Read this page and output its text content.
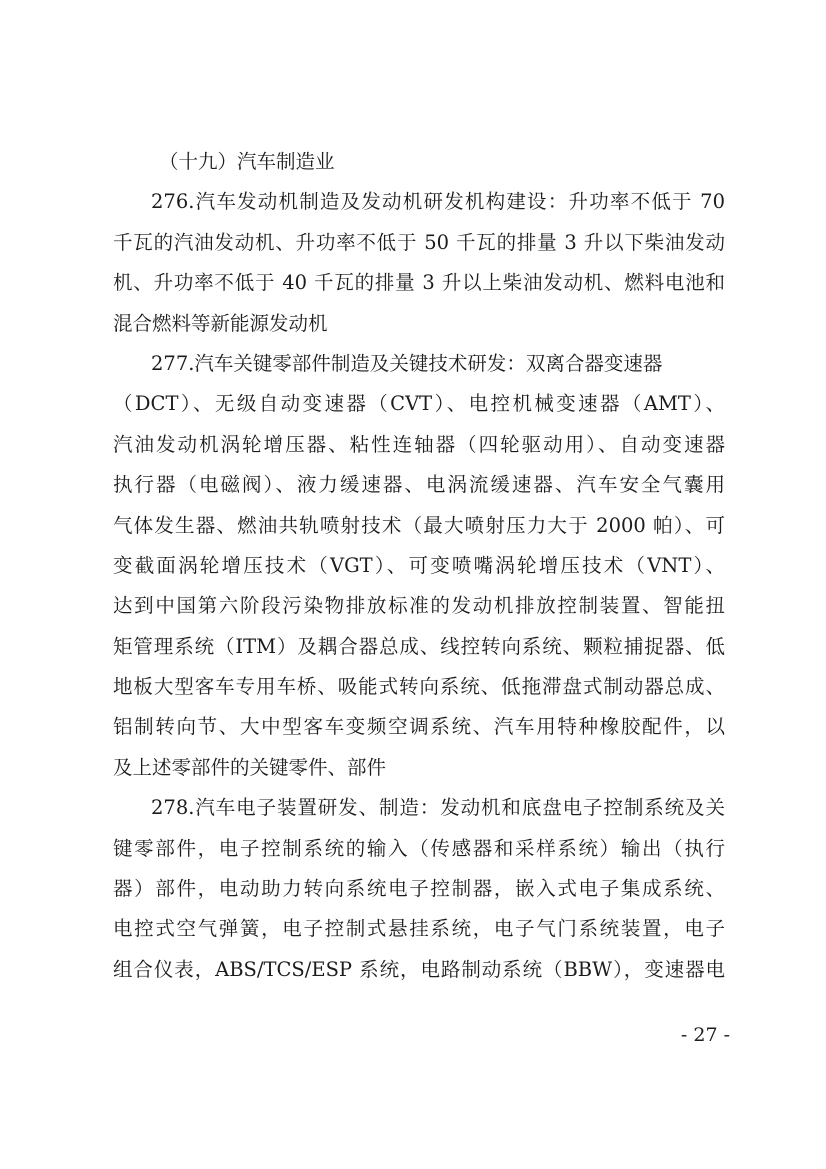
（十九）汽车制造业
276.汽车发动机制造及发动机研发机构建设：升功率不低于 70
千瓦的汽油发动机、升功率不低于 50 千瓦的排量 3 升以下柴油发动
机、升功率不低于 40 千瓦的排量 3 升以上柴油发动机、燃料电池和
混合燃料等新能源发动机
277.汽车关键零部件制造及关键技术研发：双离合器变速器
（DCT）、无级自动变速器（CVT）、电控机械变速器（AMT）、
汽油发动机涡轮增压器、粘性连轴器（四轮驱动用）、自动变速器
执行器（电磁阀）、液力缓速器、电涡流缓速器、汽车安全气囊用
气体发生器、燃油共轨喷射技术（最大喷射压力大于 2000 帕）、可
变截面涡轮增压技术（VGT）、可变喷嘴涡轮增压技术（VNT）、
达到中国第六阶段污染物排放标准的发动机排放控制装置、智能扭
矩管理系统（ITM）及耦合器总成、线控转向系统、颗粒捕捉器、低
地板大型客车专用车桥、吸能式转向系统、低拖滞盘式制动器总成、
铝制转向节、大中型客车变频空调系统、汽车用特种橡胶配件，以
及上述零部件的关键零件、部件
278.汽车电子装置研发、制造：发动机和底盘电子控制系统及关
键零部件，电子控制系统的输入（传感器和采样系统）输出（执行
器）部件，电动助力转向系统电子控制器，嵌入式电子集成系统、
电控式空气弹簧，电子控制式悬挂系统，电子气门系统装置，电子
组合仪表，ABS/TCS/ESP 系统，电路制动系统（BBW），变速器电
- 27 -
